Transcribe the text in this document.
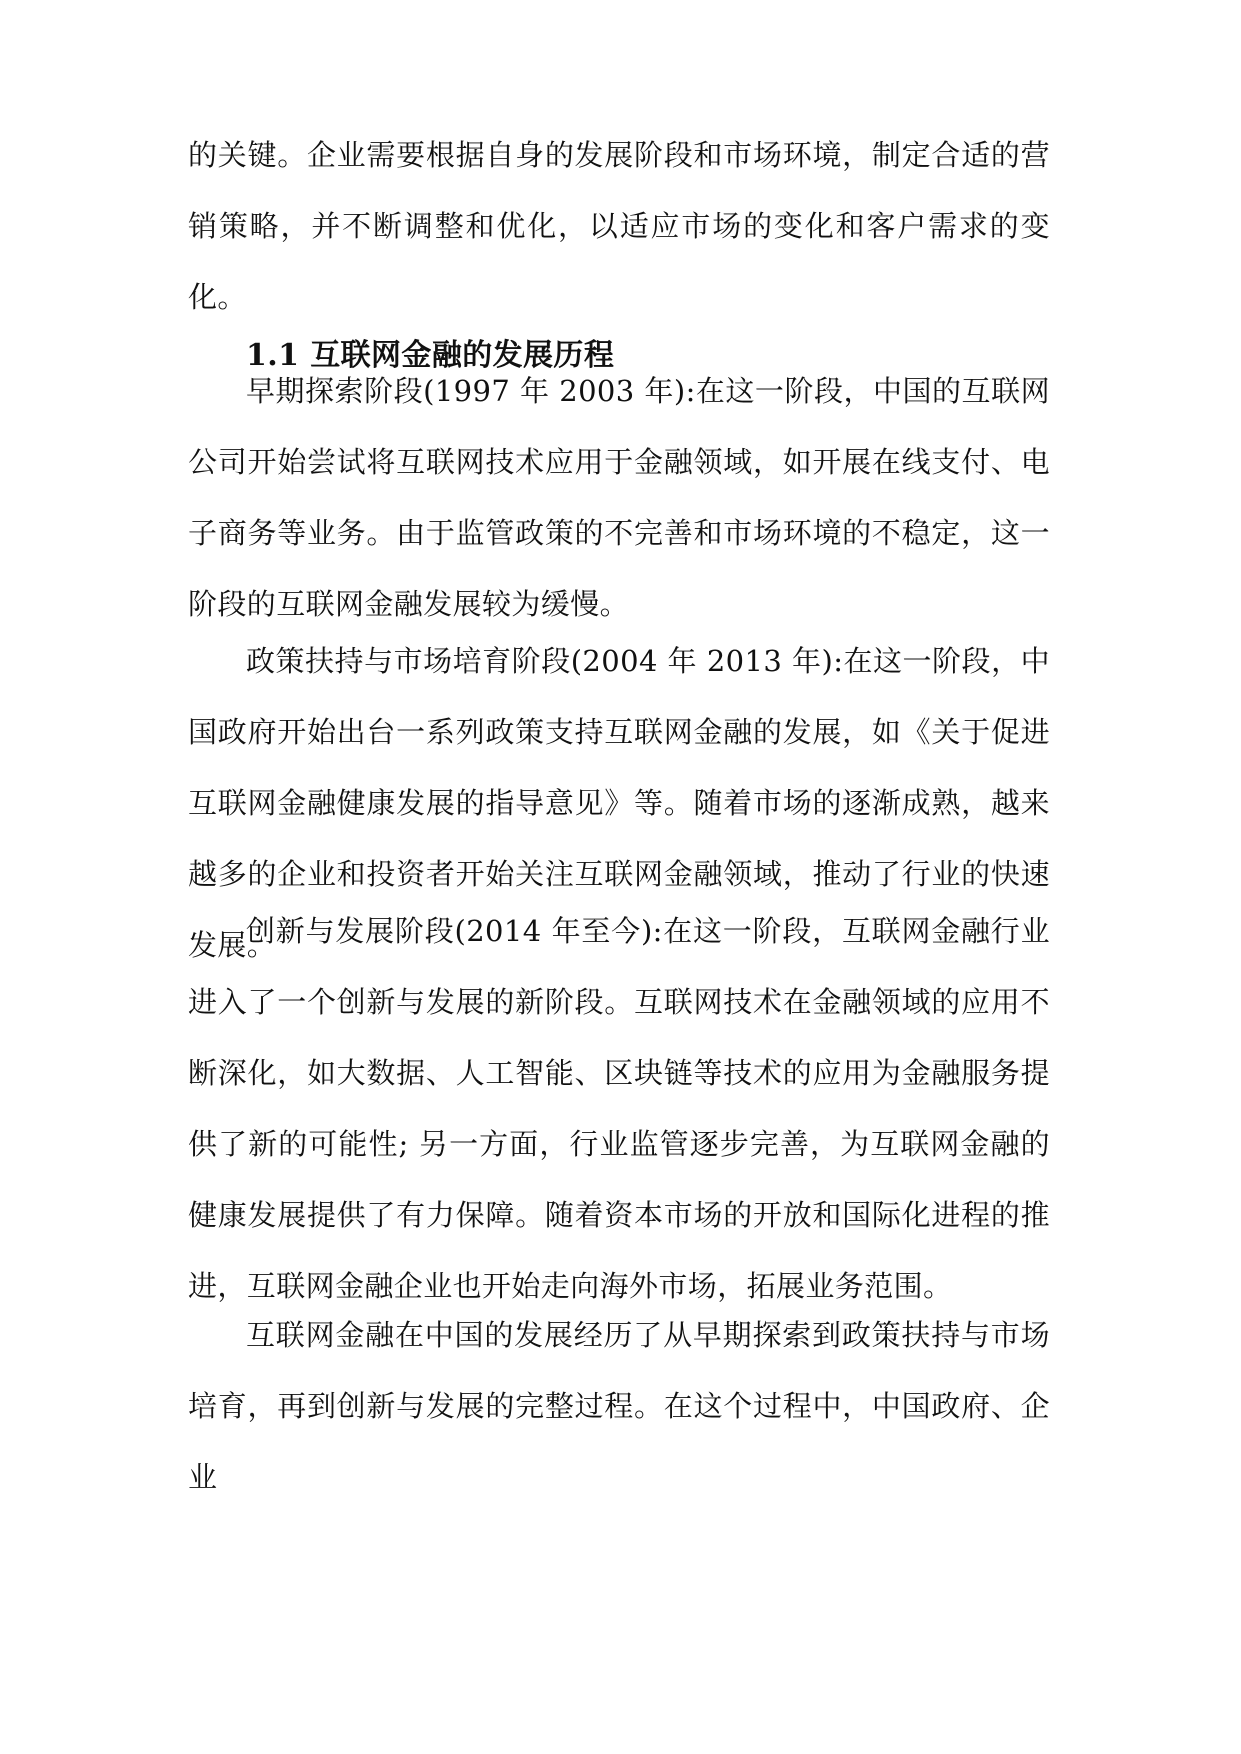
的关键。企业需要根据自身的发展阶段和市场环境，制定合适的营销策略，并不断调整和优化，以适应市场的变化和客户需求的变化。

1.1 互联网金融的发展历程

早期探索阶段(1997 年 2003 年):在这一阶段，中国的互联网公司开始尝试将互联网技术应用于金融领域，如开展在线支付、电子商务等业务。由于监管政策的不完善和市场环境的不稳定，这一阶段的互联网金融发展较为缓慢。

政策扶持与市场培育阶段(2004 年 2013 年):在这一阶段，中国政府开始出台一系列政策支持互联网金融的发展，如《关于促进互联网金融健康发展的指导意见》等。随着市场的逐渐成熟，越来越多的企业和投资者开始关注互联网金融领域，推动了行业的快速发展。

创新与发展阶段(2014 年至今):在这一阶段，互联网金融行业进入了一个创新与发展的新阶段。互联网技术在金融领域的应用不断深化，如大数据、人工智能、区块链等技术的应用为金融服务提供了新的可能性; 另一方面，行业监管逐步完善，为互联网金融的健康发展提供了有力保障。随着资本市场的开放和国际化进程的推进，互联网金融企业也开始走向海外市场，拓展业务范围。

互联网金融在中国的发展经历了从早期探索到政策扶持与市场培育，再到创新与发展的完整过程。在这个过程中，中国政府、企业
